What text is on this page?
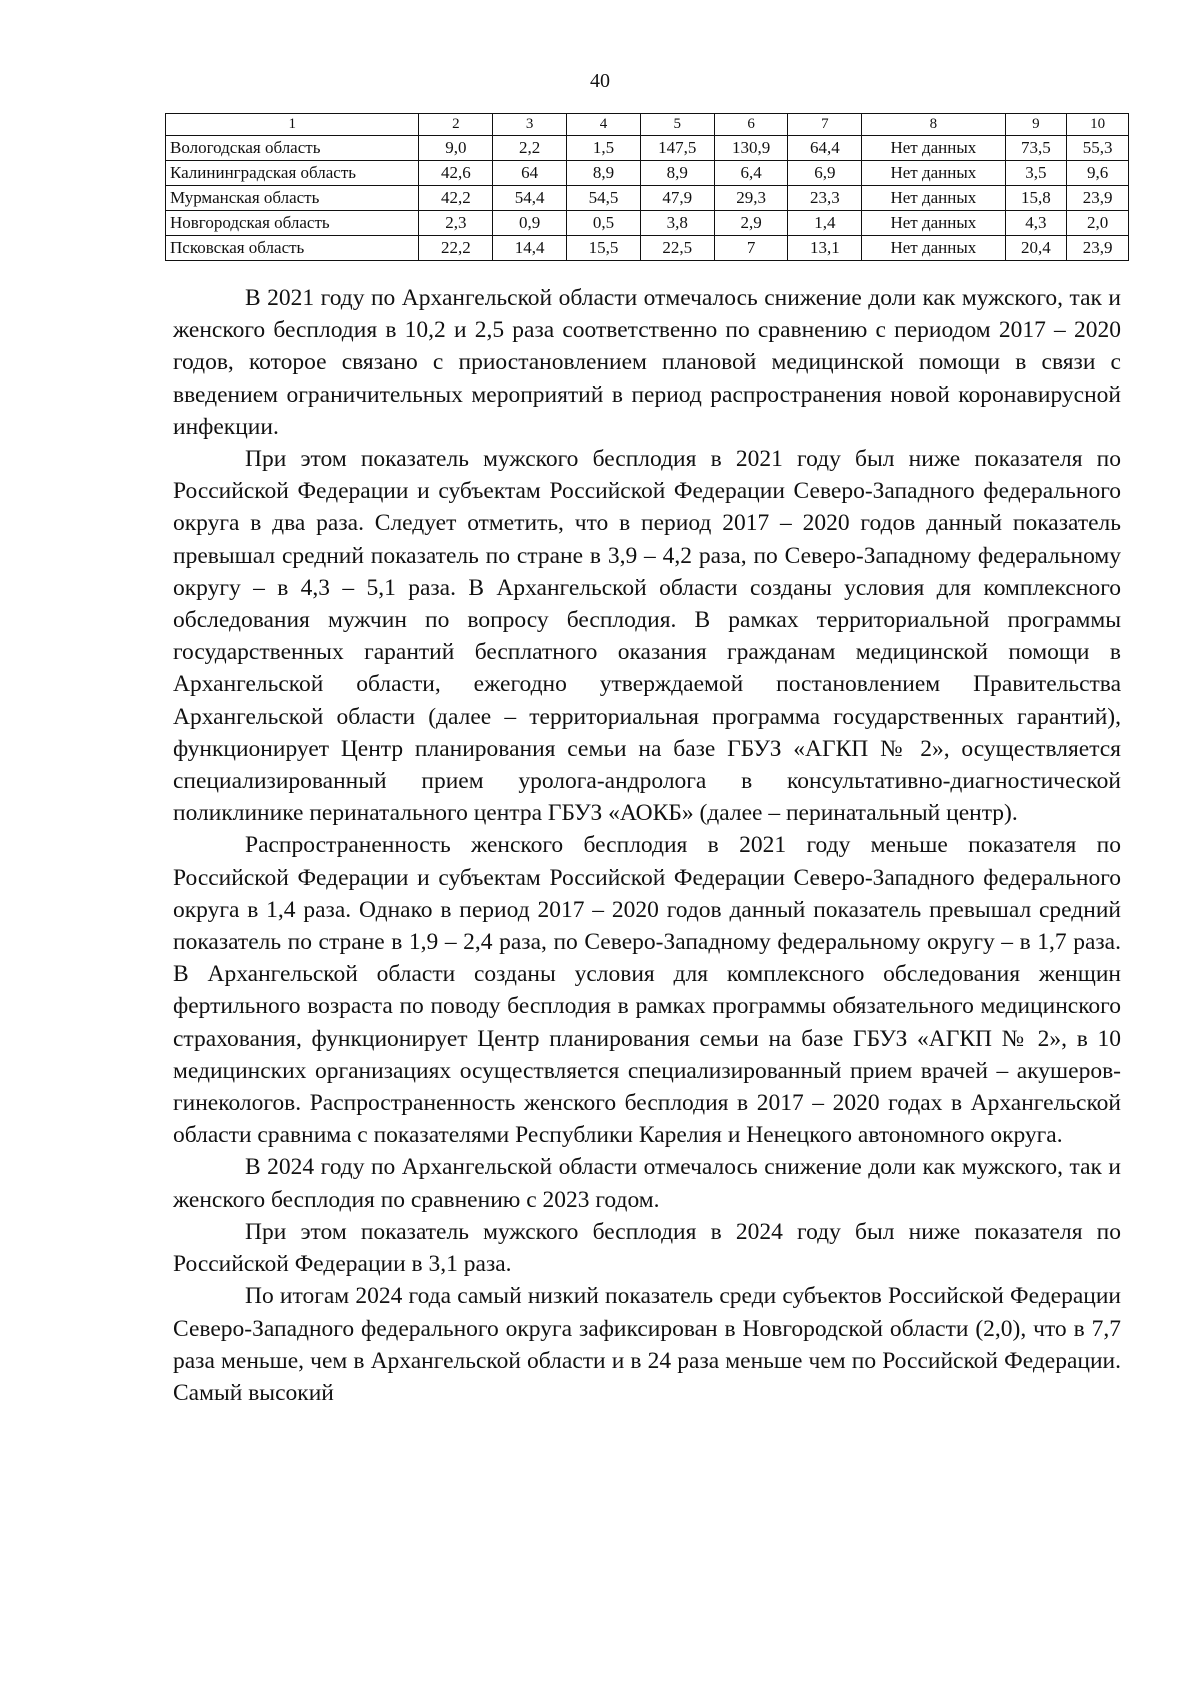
40
1	2	3	4	5	6	7	8	9	10
Вологодская область	9,0	2,2	1,5	147,5	130,9	64,4	Нет данных	73,5	55,3
Калининградская область	42,6	64	8,9	8,9	6,4	6,9	Нет данных	3,5	9,6
Мурманская область	42,2	54,4	54,5	47,9	29,3	23,3	Нет данных	15,8	23,9
Новгородская область	2,3	0,9	0,5	3,8	2,9	1,4	Нет данных	4,3	2,0
Псковская область	22,2	14,4	15,5	22,5	7	13,1	Нет данных	20,4	23,9

В 2021 году по Архангельской области отмечалось снижение доли как мужского, так и женского бесплодия в 10,2 и 2,5 раза соответственно по сравнению с периодом 2017 – 2020 годов, которое связано с приостановлением плановой медицинской помощи в связи с введением ограничительных мероприятий в период распространения новой коронавирусной инфекции.

При этом показатель мужского бесплодия в 2021 году был ниже показателя по Российской Федерации и субъектам Российской Федерации Северо-Западного федерального округа в два раза. Следует отметить, что в период 2017 – 2020 годов данный показатель превышал средний показатель по стране в 3,9 – 4,2 раза, по Северо-Западному федеральному округу – в 4,3 – 5,1 раза. В Архангельской области созданы условия для комплексного обследования мужчин по вопросу бесплодия. В рамках территориальной программы государственных гарантий бесплатного оказания гражданам медицинской помощи в Архангельской области, ежегодно утверждаемой постановлением Правительства Архангельской области (далее – территориальная программа государственных гарантий), функционирует Центр планирования семьи на базе ГБУЗ «АГКП № 2», осуществляется специализированный прием уролога-андролога в консультативно-диагностической поликлинике перинатального центра ГБУЗ «АОКБ» (далее – перинатальный центр).

Распространенность женского бесплодия в 2021 году меньше показателя по Российской Федерации и субъектам Российской Федерации Северо-Западного федерального округа в 1,4 раза. Однако в период 2017 – 2020 годов данный показатель превышал средний показатель по стране в 1,9 – 2,4 раза, по Северо-Западному федеральному округу – в 1,7 раза. В Архангельской области созданы условия для комплексного обследования женщин фертильного возраста по поводу бесплодия в рамках программы обязательного медицинского страхования, функционирует Центр планирования семьи на базе ГБУЗ «АГКП № 2», в 10 медицинских организациях осуществляется специализированный прием врачей – акушеров-гинекологов. Распространенность женского бесплодия в 2017 – 2020 годах в Архангельской области сравнима с показателями Республики Карелия и Ненецкого автономного округа.

В 2024 году по Архангельской области отмечалось снижение доли как мужского, так и женского бесплодия по сравнению с 2023 годом.

При этом показатель мужского бесплодия в 2024 году был ниже показателя по Российской Федерации в 3,1 раза.

По итогам 2024 года самый низкий показатель среди субъектов Российской Федерации Северо-Западного федерального округа зафиксирован в Новгородской области (2,0), что в 7,7 раза меньше, чем в Архангельской области и в 24 раза меньше чем по Российской Федерации. Самый высокий
